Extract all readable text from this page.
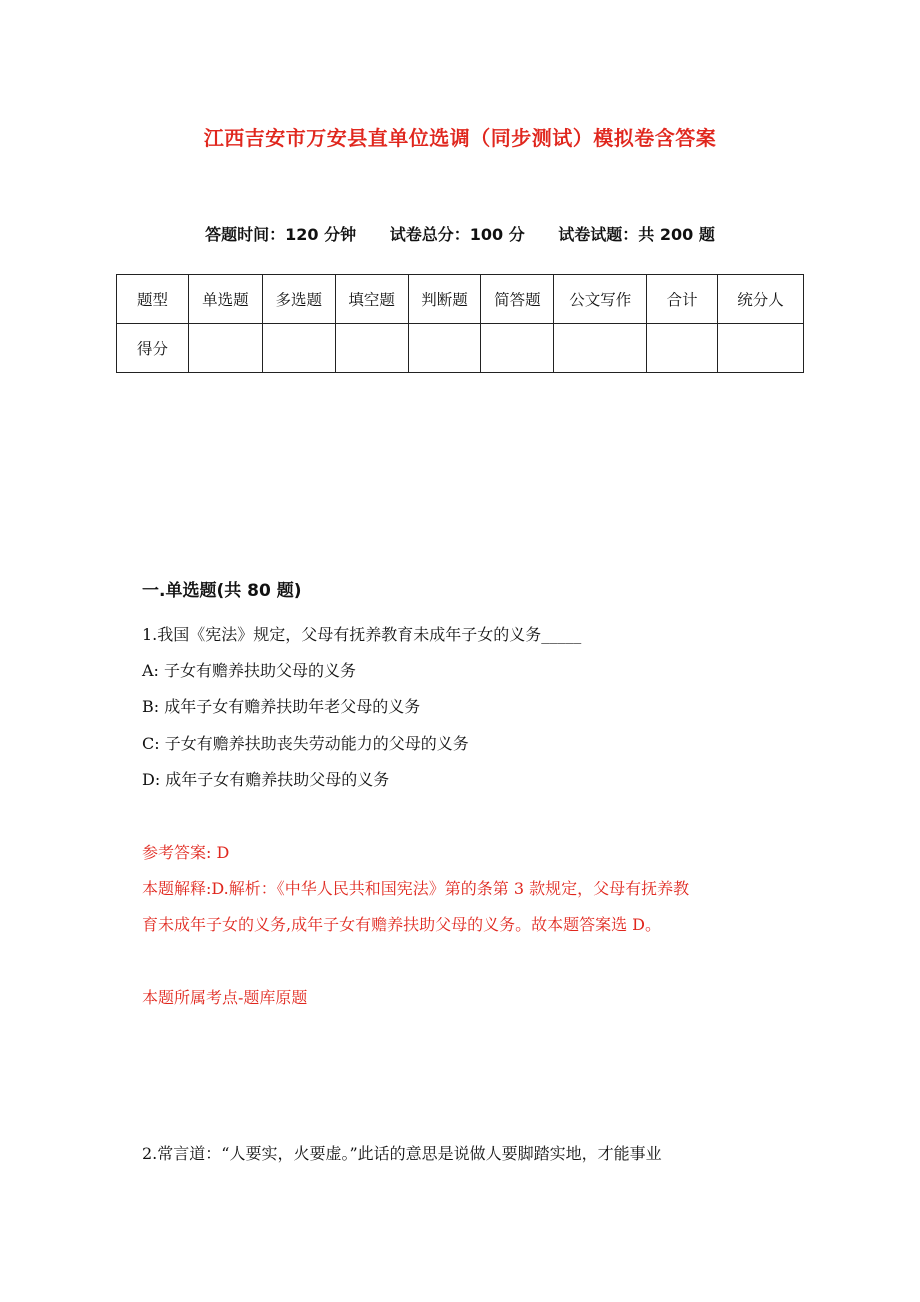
江西吉安市万安县直单位选调（同步测试）模拟卷含答案
答题时间：120 分钟 试卷总分：100 分 试卷试题：共 200 题
题型	单选题	多选题	填空题	判断题	简答题	公文写作	合计	统分人
得分								
一.单选题(共 80 题)
1.我国《宪法》规定，父母有抚养教育未成年子女的义务_____
A: 子女有赡养扶助父母的义务
B: 成年子女有赡养扶助年老父母的义务
C: 子女有赡养扶助丧失劳动能力的父母的义务
D: 成年子女有赡养扶助父母的义务
参考答案: D
本题解释:D.解析：《中华人民共和国宪法》第的条第 3 款规定，父母有抚养教
育未成年子女的义务,成年子女有赡养扶助父母的义务。故本题答案选 D。
本题所属考点-题库原题
2.常言道：“人要实，火要虚。”此话的意思是说做人要脚踏实地，才能事业
